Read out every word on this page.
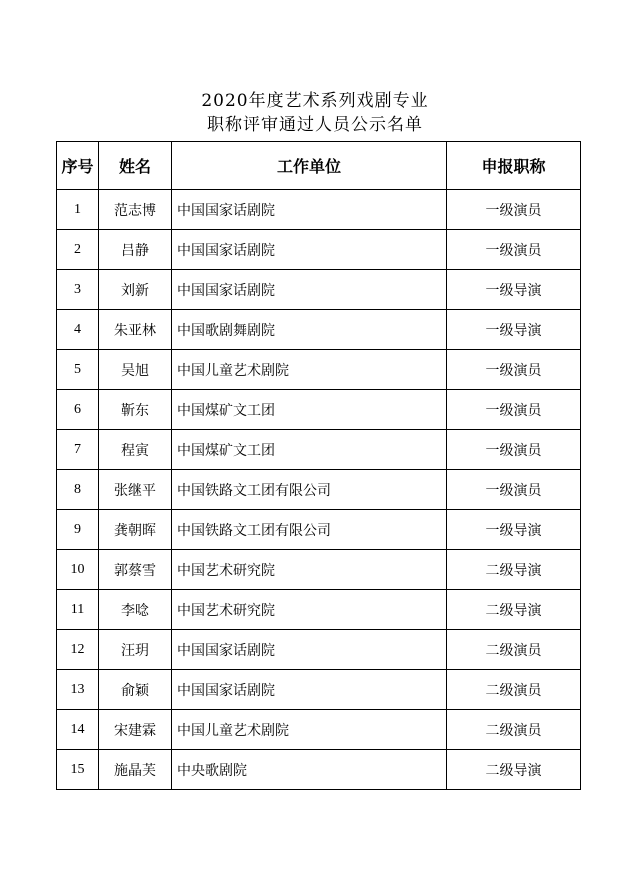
2020年度艺术系列戏剧专业
职称评审通过人员公示名单
序号	姓名	工作单位	申报职称
1	范志博	中国国家话剧院	一级演员
2	吕静	中国国家话剧院	一级演员
3	刘新	中国国家话剧院	一级导演
4	朱亚林	中国歌剧舞剧院	一级导演
5	吴旭	中国儿童艺术剧院	一级演员
6	靳东	中国煤矿文工团	一级演员
7	程寅	中国煤矿文工团	一级演员
8	张继平	中国铁路文工团有限公司	一级演员
9	龚朝晖	中国铁路文工团有限公司	一级导演
10	郭蔡雪	中国艺术研究院	二级导演
11	李唸	中国艺术研究院	二级导演
12	汪玥	中国国家话剧院	二级演员
13	俞颖	中国国家话剧院	二级演员
14	宋建霖	中国儿童艺术剧院	二级演员
15	施晶芙	中央歌剧院	二级导演
